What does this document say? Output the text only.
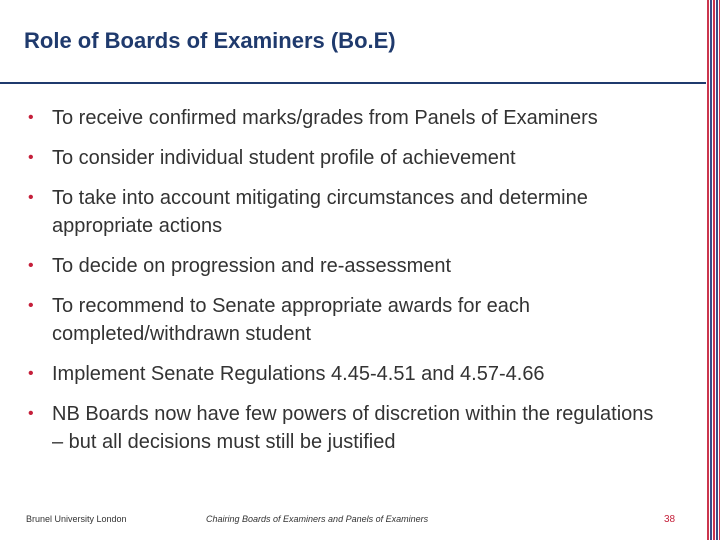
Role of Boards of Examiners (Bo.E)
• To receive confirmed marks/grades from Panels of Examiners
• To consider individual student profile of achievement
• To take into account mitigating circumstances and determine appropriate actions
• To decide on progression and re-assessment
• To recommend to Senate appropriate awards for each completed/withdrawn student
• Implement Senate Regulations 4.45-4.51 and 4.57-4.66
• NB Boards now have few powers of discretion within the regulations – but all decisions must still be justified
Brunel University London	Chairing Boards of Examiners and Panels of Examiners	38
